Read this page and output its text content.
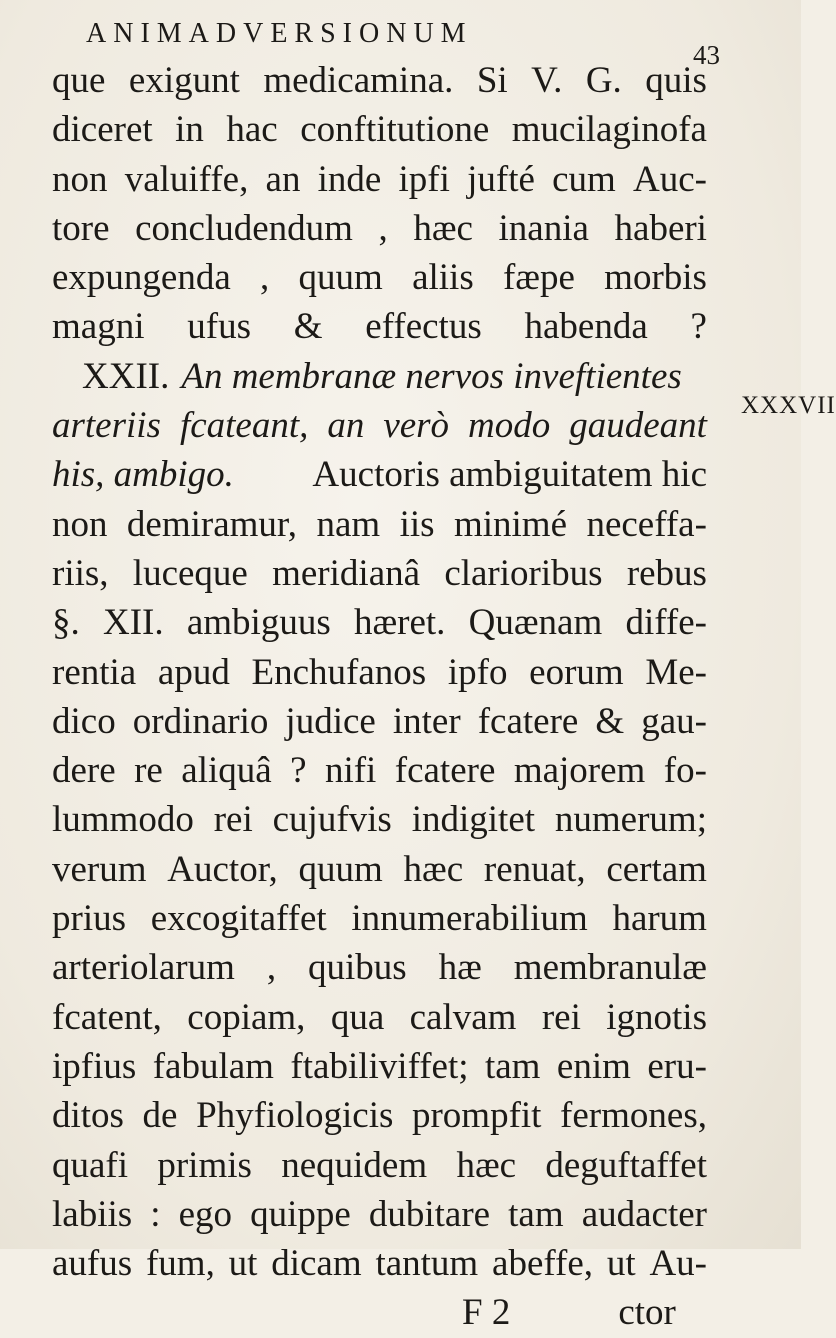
ANIMADVERSIONUM
43
XXXVII
que exigunt medicamina. Si V. G. quis
diceret in hac conftitutione mucilaginofa
non valuiffe, an inde ipfi jufté cum Auc-
tore concludendum , hæc inania haberi
expungenda , quum aliis fæpe morbis
magni ufus & effectus habenda ?
XXII. An membranæ nervos inveftientes
arteriis fcateant, an verò modo gaudeant
his, ambigo.	Auctoris ambiguitatem hic
non demiramur, nam iis minimé neceffa-
riis, luceque meridianâ clarioribus rebus
§. XII. ambiguus hæret. Quænam diffe-
rentia apud Enchufanos ipfo eorum Me-
dico ordinario judice inter fcatere & gau-
dere re aliquâ ? nifi fcatere majorem fo-
lummodo rei cujufvis indigitet numerum;
verum Auctor, quum hæc renuat, certam
prius excogitaffet innumerabilium harum
arteriolarum , quibus hæ membranulæ
fcatent, copiam, qua calvam rei ignotis
ipfius fabulam ftabiliviffet; tam enim eru-
ditos de Phyfiologicis prompfit fermones,
quafi primis nequidem hæc deguftaffet
labiis : ego quippe dubitare tam audacter
aufus fum, ut dicam tantum abeffe, ut Au-
F 2	ctor
